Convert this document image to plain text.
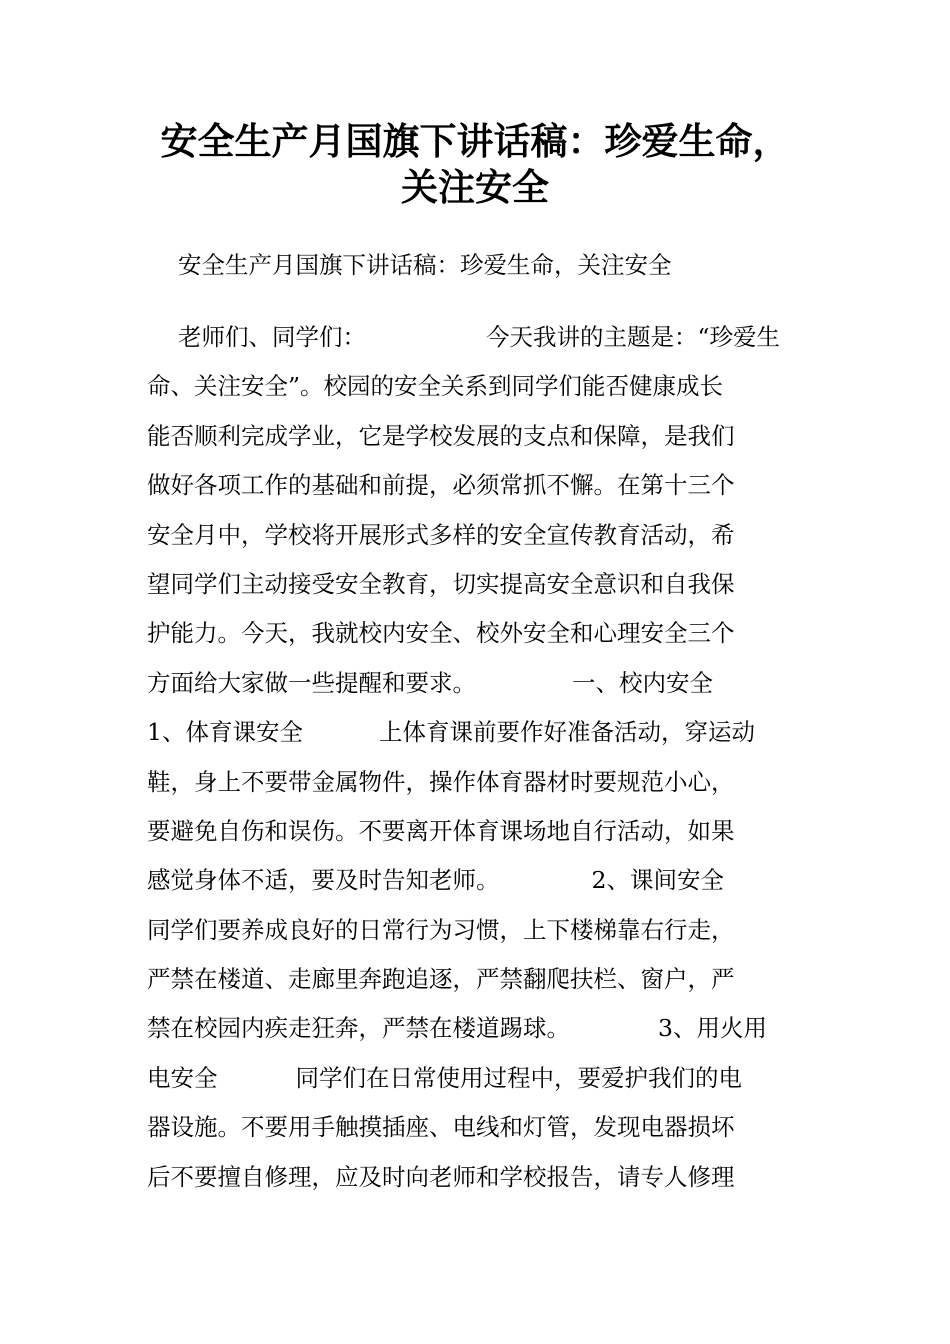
安全生产月国旗下讲话稿：珍爱生命，
关注安全

安全生产月国旗下讲话稿：珍爱生命，关注安全

老师们、同学们：	今天我讲的主题是：“珍爱生
命、关注安全”。校园的安全关系到同学们能否健康成长
能否顺利完成学业，它是学校发展的支点和保障，是我们
做好各项工作的基础和前提，必须常抓不懈。在第十三个
安全月中，学校将开展形式多样的安全宣传教育活动，希
望同学们主动接受安全教育，切实提高安全意识和自我保
护能力。今天，我就校内安全、校外安全和心理安全三个
方面给大家做一些提醒和要求。	一、校内安全
1、体育课安全	上体育课前要作好准备活动，穿运动
鞋，身上不要带金属物件，操作体育器材时要规范小心，
要避免自伤和误伤。不要离开体育课场地自行活动，如果
感觉身体不适，要及时告知老师。	2、课间安全
同学们要养成良好的日常行为习惯，上下楼梯靠右行走，
严禁在楼道、走廊里奔跑追逐，严禁翻爬扶栏、窗户，严
禁在校园内疾走狂奔，严禁在楼道踢球。	3、用火用
电安全	同学们在日常使用过程中，要爱护我们的电
器设施。不要用手触摸插座、电线和灯管，发现电器损坏
后不要擅自修理，应及时向老师和学校报告，请专人修理
